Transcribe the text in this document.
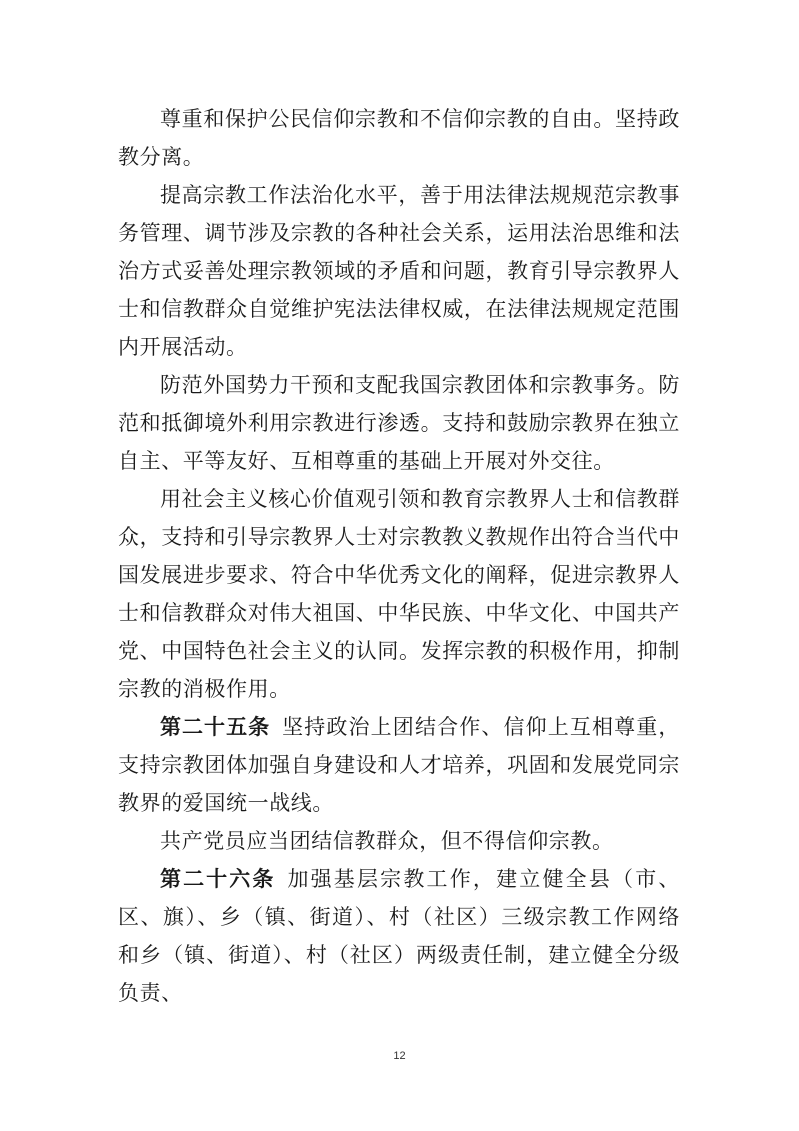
尊重和保护公民信仰宗教和不信仰宗教的自由。坚持政教分离。

提高宗教工作法治化水平，善于用法律法规规范宗教事务管理、调节涉及宗教的各种社会关系，运用法治思维和法治方式妥善处理宗教领域的矛盾和问题，教育引导宗教界人士和信教群众自觉维护宪法法律权威，在法律法规规定范围内开展活动。

防范外国势力干预和支配我国宗教团体和宗教事务。防范和抵御境外利用宗教进行渗透。支持和鼓励宗教界在独立自主、平等友好、互相尊重的基础上开展对外交往。

用社会主义核心价值观引领和教育宗教界人士和信教群众，支持和引导宗教界人士对宗教教义教规作出符合当代中国发展进步要求、符合中华优秀文化的阐释，促进宗教界人士和信教群众对伟大祖国、中华民族、中华文化、中国共产党、中国特色社会主义的认同。发挥宗教的积极作用，抑制宗教的消极作用。

第二十五条 坚持政治上团结合作、信仰上互相尊重，支持宗教团体加强自身建设和人才培养，巩固和发展党同宗教界的爱国统一战线。

共产党员应当团结信教群众，但不得信仰宗教。

第二十六条 加强基层宗教工作，建立健全县（市、区、旗）、乡（镇、街道）、村（社区）三级宗教工作网络和乡（镇、街道）、村（社区）两级责任制，建立健全分级负责、

12
